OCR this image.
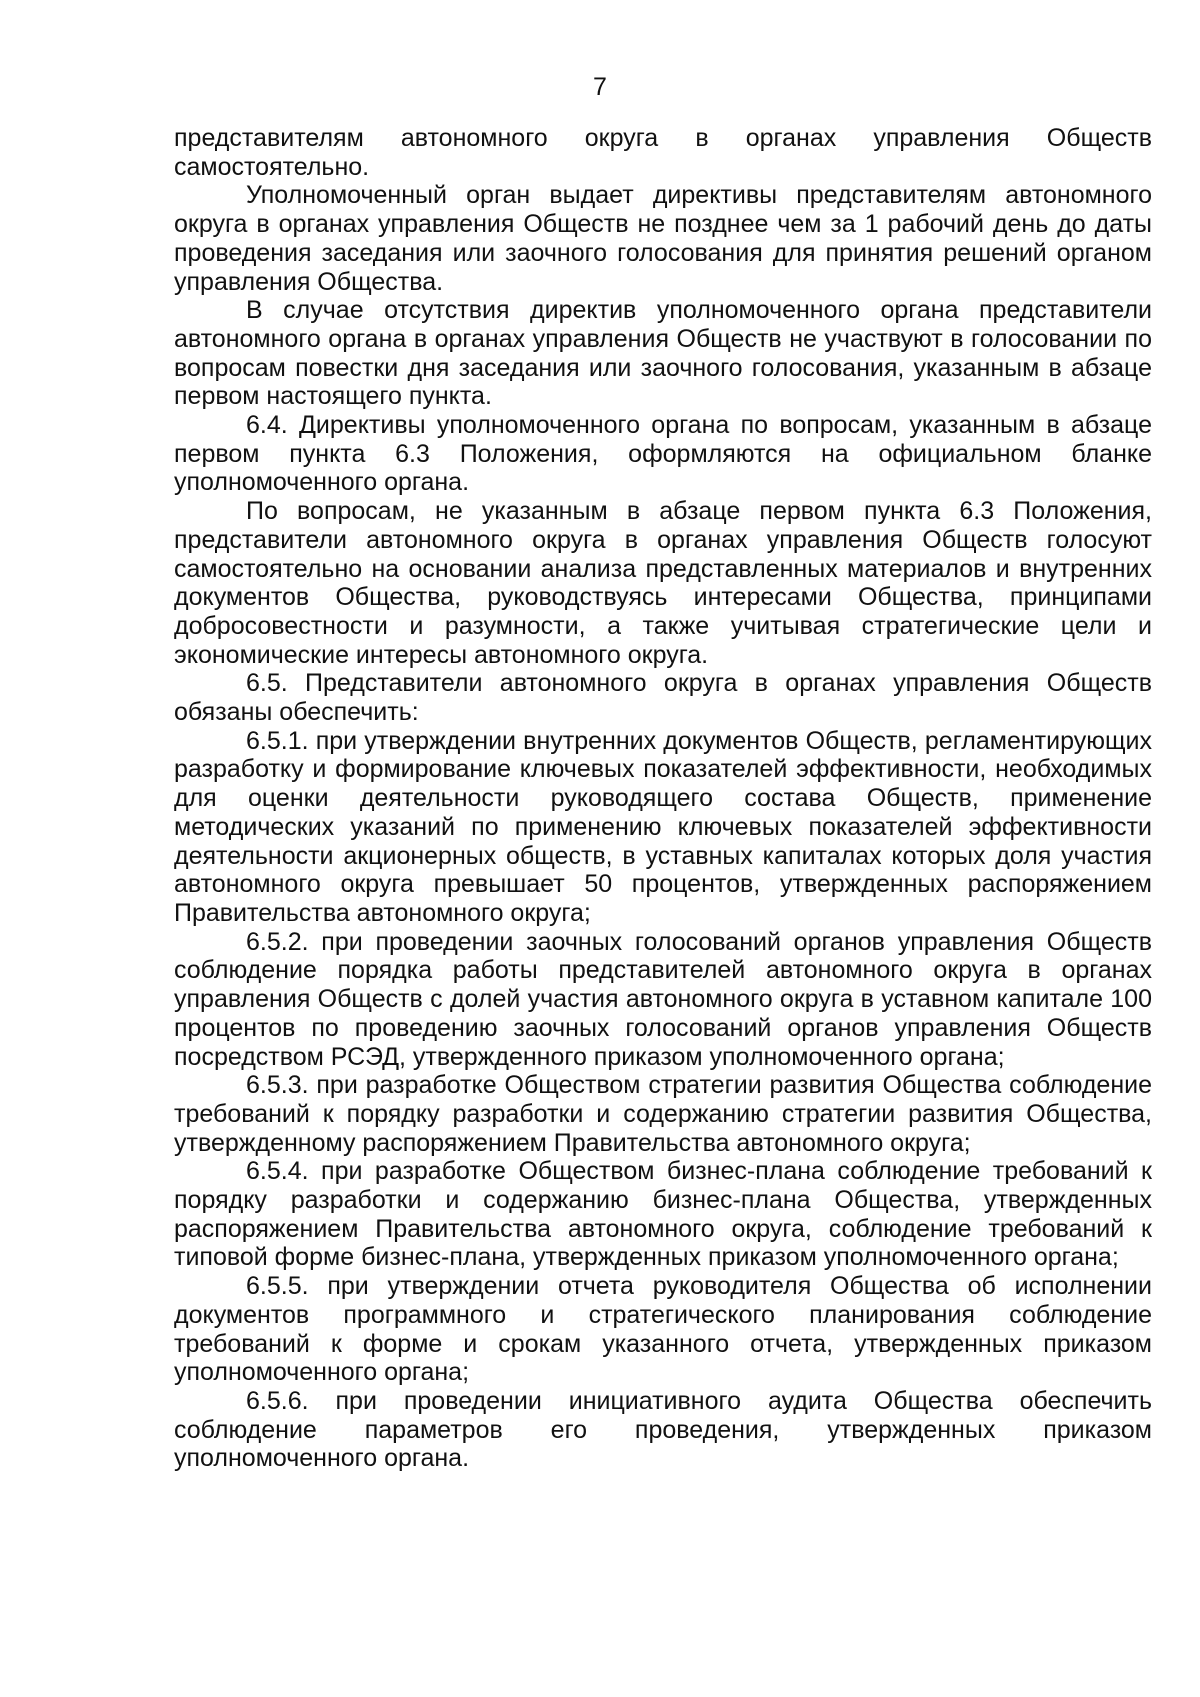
7

представителям автономного округа в органах управления Обществ самостоятельно.

Уполномоченный орган выдает директивы представителям автономного округа в органах управления Обществ не позднее чем за 1 рабочий день до даты проведения заседания или заочного голосования для принятия решений органом управления Общества.

В случае отсутствия директив уполномоченного органа представители автономного органа в органах управления Обществ не участвуют в голосовании по вопросам повестки дня заседания или заочного голосования, указанным в абзаце первом настоящего пункта.

6.4. Директивы уполномоченного органа по вопросам, указанным в абзаце первом пункта 6.3 Положения, оформляются на официальном бланке уполномоченного органа.

По вопросам, не указанным в абзаце первом пункта 6.3 Положения, представители автономного округа в органах управления Обществ голосуют самостоятельно на основании анализа представленных материалов и внутренних документов Общества, руководствуясь интересами Общества, принципами добросовестности и разумности, а также учитывая стратегические цели и экономические интересы автономного округа.

6.5. Представители автономного округа в органах управления Обществ обязаны обеспечить:

6.5.1. при утверждении внутренних документов Обществ, регламентирующих разработку и формирование ключевых показателей эффективности, необходимых для оценки деятельности руководящего состава Обществ, применение методических указаний по применению ключевых показателей эффективности деятельности акционерных обществ, в уставных капиталах которых доля участия автономного округа превышает 50 процентов, утвержденных распоряжением Правительства автономного округа;

6.5.2. при проведении заочных голосований органов управления Обществ соблюдение порядка работы представителей автономного округа в органах управления Обществ с долей участия автономного округа в уставном капитале 100 процентов по проведению заочных голосований органов управления Обществ посредством РСЭД, утвержденного приказом уполномоченного органа;

6.5.3. при разработке Обществом стратегии развития Общества соблюдение требований к порядку разработки и содержанию стратегии развития Общества, утвержденному распоряжением Правительства автономного округа;

6.5.4. при разработке Обществом бизнес-плана соблюдение требований к порядку разработки и содержанию бизнес-плана Общества, утвержденных распоряжением Правительства автономного округа, соблюдение требований к типовой форме бизнес-плана, утвержденных приказом уполномоченного органа;

6.5.5. при утверждении отчета руководителя Общества об исполнении документов программного и стратегического планирования соблюдение требований к форме и срокам указанного отчета, утвержденных приказом уполномоченного органа;

6.5.6. при проведении инициативного аудита Общества обеспечить соблюдение параметров его проведения, утвержденных приказом уполномоченного органа.
